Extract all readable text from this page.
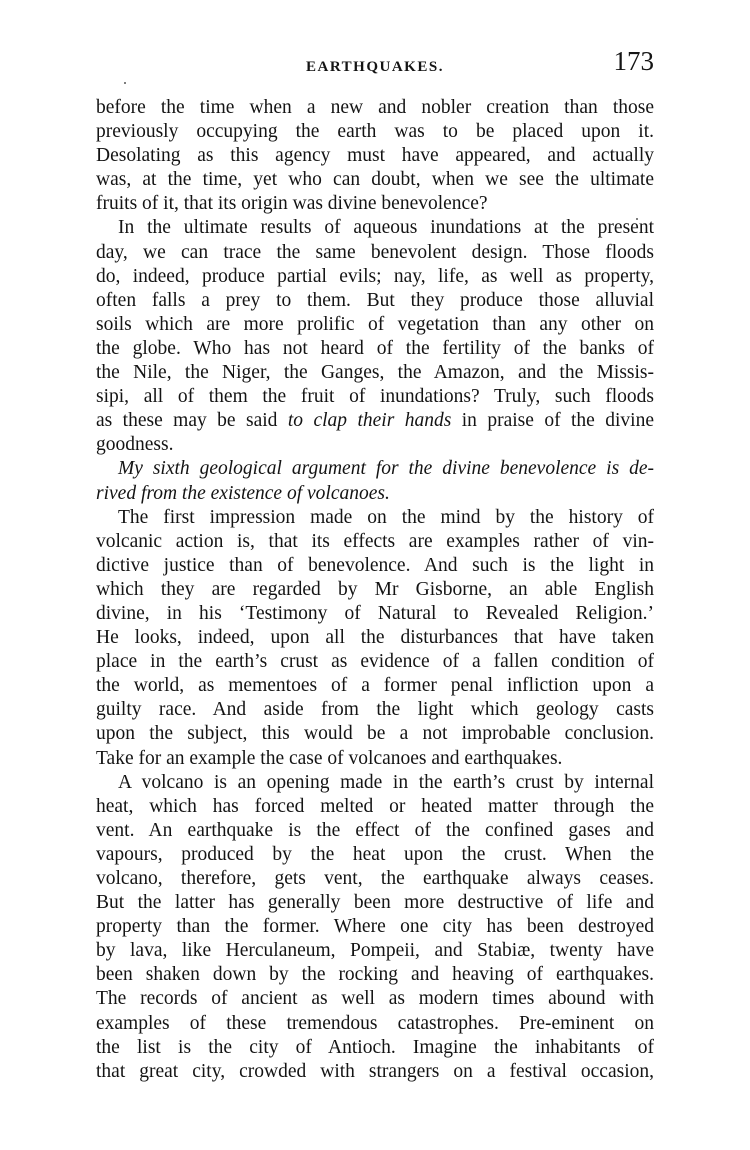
EARTHQUAKES.	173
before the time when a new and nobler creation than those
previously occupying the earth was to be placed upon it.
Desolating as this agency must have appeared, and actually
was, at the time, yet who can doubt, when we see the ultimate
fruits of it, that its origin was divine benevolence?
In the ultimate results of aqueous inundations at the present
day, we can trace the same benevolent design. Those floods
do, indeed, produce partial evils; nay, life, as well as property,
often falls a prey to them. But they produce those alluvial
soils which are more prolific of vegetation than any other on
the globe. Who has not heard of the fertility of the banks of
the Nile, the Niger, the Ganges, the Amazon, and the Missis-
sipi, all of them the fruit of inundations? Truly, such floods
as these may be said to clap their hands in praise of the divine
goodness.
My sixth geological argument for the divine benevolence is de-
rived from the existence of volcanoes.
The first impression made on the mind by the history of
volcanic action is, that its effects are examples rather of vin-
dictive justice than of benevolence. And such is the light in
which they are regarded by Mr Gisborne, an able English
divine, in his ‘Testimony of Natural to Revealed Religion.’
He looks, indeed, upon all the disturbances that have taken
place in the earth’s crust as evidence of a fallen condition of
the world, as mementoes of a former penal infliction upon a
guilty race. And aside from the light which geology casts
upon the subject, this would be a not improbable conclusion.
Take for an example the case of volcanoes and earthquakes.
A volcano is an opening made in the earth’s crust by internal
heat, which has forced melted or heated matter through the
vent. An earthquake is the effect of the confined gases and
vapours, produced by the heat upon the crust. When the
volcano, therefore, gets vent, the earthquake always ceases.
But the latter has generally been more destructive of life and
property than the former. Where one city has been destroyed
by lava, like Herculaneum, Pompeii, and Stabiæ, twenty have
been shaken down by the rocking and heaving of earthquakes.
The records of ancient as well as modern times abound with
examples of these tremendous catastrophes. Pre-eminent on
the list is the city of Antioch. Imagine the inhabitants of
that great city, crowded with strangers on a festival occasion,
